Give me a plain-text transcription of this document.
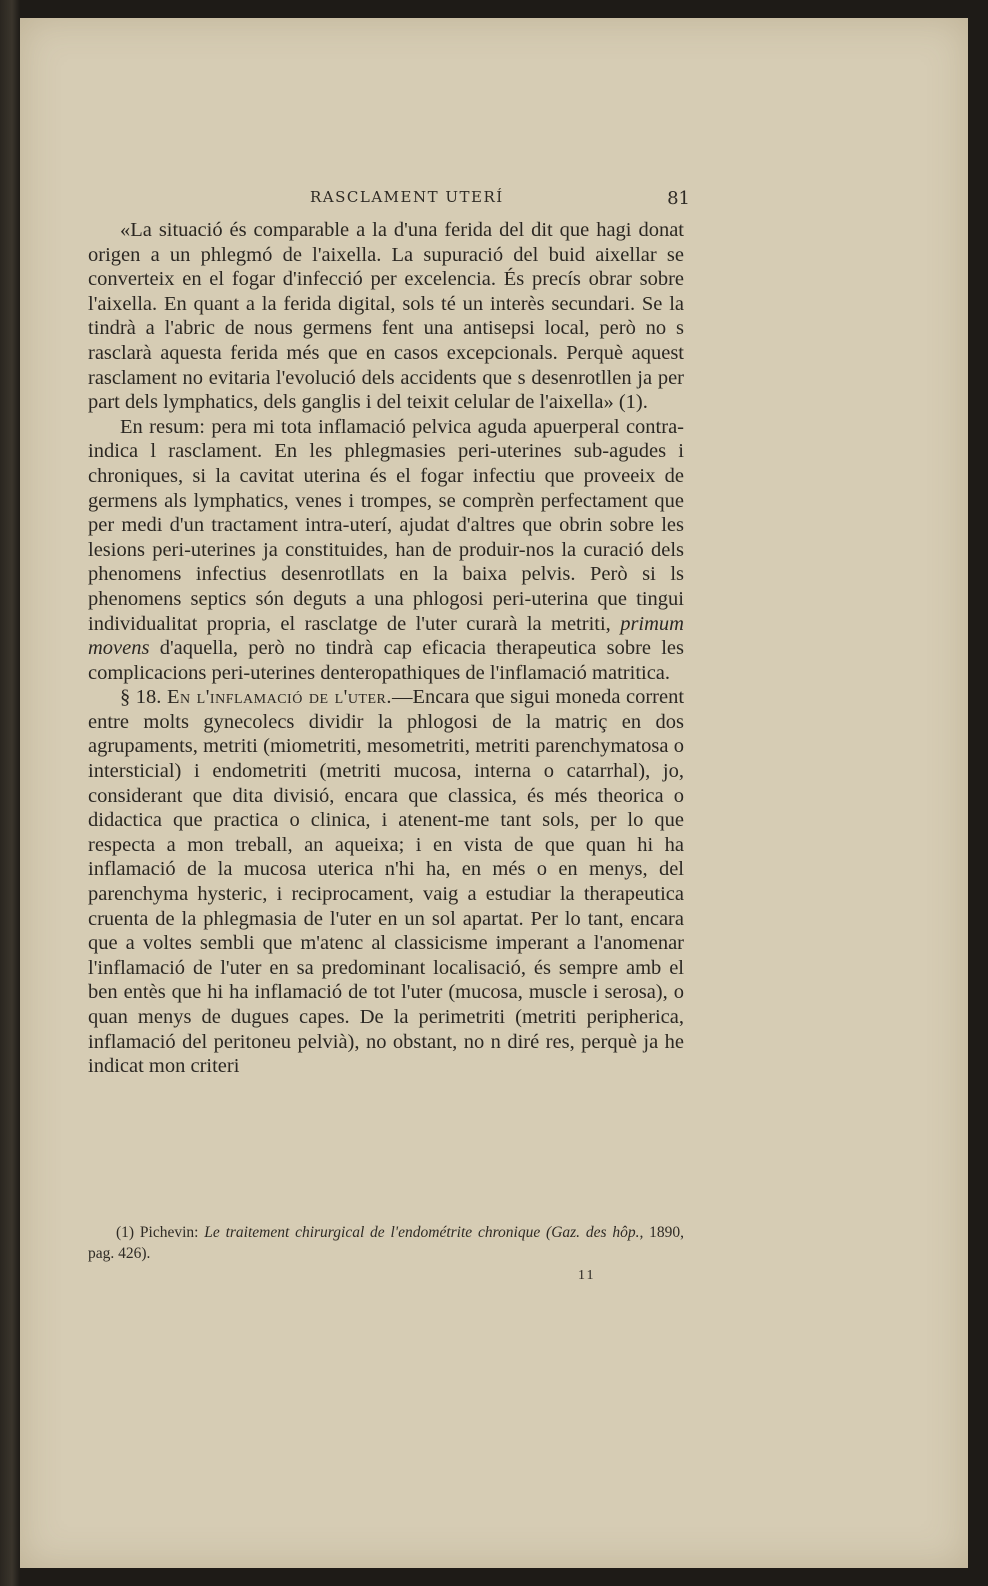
RASCLAMENT UTERÍ	81

«La situació és comparable a la d'una ferida del dit que hagi donat origen a un phlegmó de l'aixella. La supuració del buid aixellar se converteix en el fogar d'infecció per excelencia. És precís obrar sobre l'aixella. En quant a la ferida digital, sols té un interès secundari. Se la tindrà a l'abric de nous germens fent una antisepsi local, però no s rasclarà aquesta ferida més que en casos excepcionals. Perquè aquest rasclament no evitaria l'evolució dels accidents que s desenrotllen ja per part dels lymphatics, dels ganglis i del teixit celular de l'aixella» (1).

En resum: pera mi tota inflamació pelvica aguda apuerperal contra-indica l rasclament. En les phlegmasies peri-uterines sub-agudes i chroniques, si la cavitat uterina és el fogar infectiu que proveeix de germens als lymphatics, venes i trompes, se comprèn perfectament que per medi d'un tractament intra-uterí, ajudat d'altres que obrin sobre les lesions peri-uterines ja constituides, han de produir-nos la curació dels phenomens infectius desenrotllats en la baixa pelvis. Però si ls phenomens septics són deguts a una phlogosi peri-uterina que tingui individualitat propria, el rasclatge de l'uter curarà la metriti, primum movens d'aquella, però no tindrà cap eficacia therapeutica sobre les complicacions peri-uterines denteropathiques de l'inflamació matritica.

§ 18. En l'inflamació de l'uter.—Encara que sigui moneda corrent entre molts gynecolecs dividir la phlogosi de la matriç en dos agrupaments, metriti (miometriti, mesometriti, metriti parenchymatosa o intersticial) i endometriti (metriti mucosa, interna o catarrhal), jo, considerant que dita divisió, encara que classica, és més theorica o didactica que practica o clinica, i atenent-me tant sols, per lo que respecta a mon treball, an aqueixa; i en vista de que quan hi ha inflamació de la mucosa uterica n'hi ha, en més o en menys, del parenchyma hysteric, i reciprocament, vaig a estudiar la therapeutica cruenta de la phlegmasia de l'uter en un sol apartat. Per lo tant, encara que a voltes sembli que m'atenc al classicisme imperant a l'anomenar l'inflamació de l'uter en sa predominant localisació, és sempre amb el ben entès que hi ha inflamació de tot l'uter (mucosa, muscle i serosa), o quan menys de dugues capes. De la perimetriti (metriti peripherica, inflamació del peritoneu pelvià), no obstant, no n diré res, perquè ja he indicat mon criteri

(1) Pichevin: Le traitement chirurgical de l'endométrite chronique (Gaz. des hôp., 1890, pag. 426).

11
